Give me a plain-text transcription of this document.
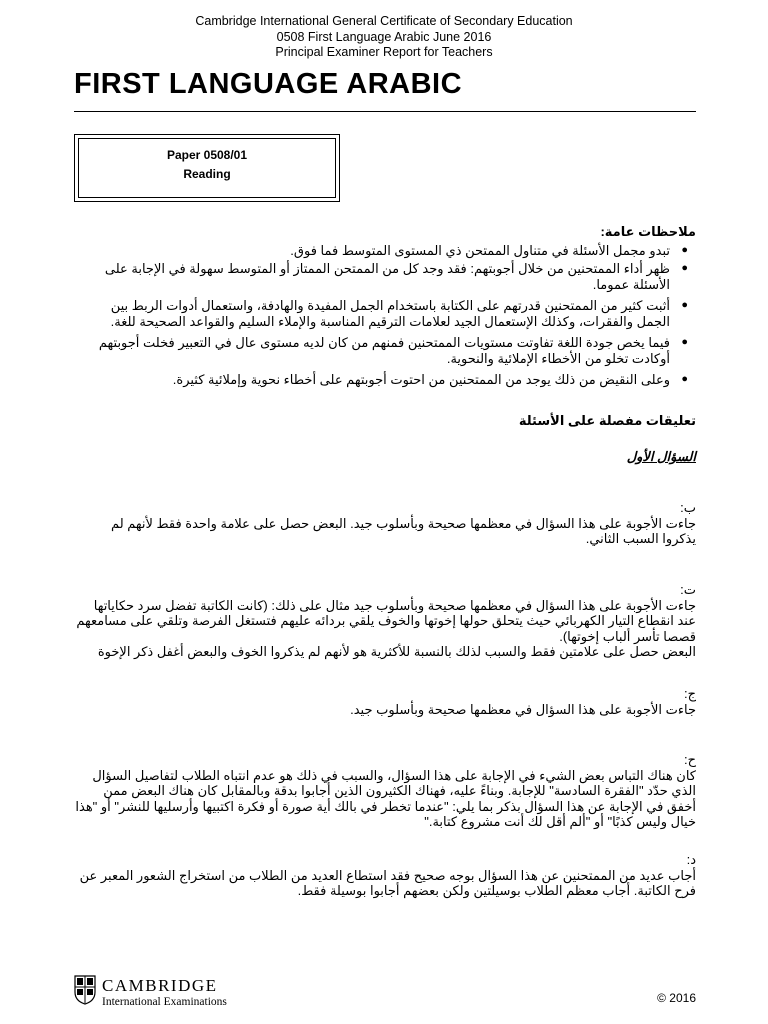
Cambridge International General Certificate of Secondary Education
0508 First Language Arabic June 2016
Principal Examiner Report for Teachers
FIRST LANGUAGE ARABIC
Paper 0508/01
Reading
ملاحظات عامة:
●
تبدو مجمل الأسئلة في متناول الممتحن ذي المستوى المتوسط فما فوق.
●
ظهر أداء الممتحنين من خلال أجوبتهم: فقد وجد كل من الممتحن الممتاز أو المتوسط سهولة في الإجابة على الأسئلة عموما.
●
أثبت كثير من الممتحنين قدرتهم على الكتابة باستخدام الجمل المفيدة والهادفة، واستعمال أدوات الربط بين الجمل والفقرات، وكذلك الإستعمال الجيد لعلامات الترقيم المناسبة والإملاء السليم والقواعد الصحيحة للغة.
●
فيما يخص جودة اللغة تفاوتت مستويات الممتحنين فمنهم من كان لديه مستوى عال في التعبير فخلت أجوبتهم أوكادت تخلو من الأخطاء الإملائية والنحوية.
●
وعلى النقيض من ذلك يوجد من الممتحنين من احتوت أجوبتهم على أخطاء نحوية وإملائية كثيرة.
تعليقات مفصلة على الأسئلة
السؤال الأول
ب:
جاءت الأجوبة على هذا السؤال في معظمها صحيحة وبأسلوب جيد. البعض حصل على علامة واحدة فقط لأنهم لم يذكروا السبب الثاني.
ت:
جاءت الأجوبة على هذا السؤال في معظمها صحيحة وبأسلوب جيد مثال على ذلك: (كانت الكاتبة تفضل سرد حكاياتها عند انقطاع التيار الكهربائي حيث يتحلق حولها إخوتها والخوف يلقي بردائه عليهم فتستغل الفرصة وتلقي على مسامعهم قصصا تأسر ألباب إخوتها).
البعض حصل على علامتين فقط والسبب لذلك بالنسبة للأكثرية هو لأنهم لم يذكروا الخوف والبعض أغفل ذكر الإخوة
ج:
جاءت الأجوبة على هذا السؤال في معظمها صحيحة وبأسلوب جيد.
ح:
كان هناك التباس بعض الشيء في الإجابة على هذا السؤال، والسبب في ذلك هو عدم انتباه الطلاب لتفاصيل السؤال الذي حدّد "الفقرة السادسة" للإجابة. وبناءً عليه، فهناك الكثيرون الذين أجابوا بدقة وبالمقابل كان هناك البعض ممن أخفق في الإجابة عن هذا السؤال بذكر بما يلي: "عندما تخطر في بالك أية صورة أو فكرة اكتبيها وأرسليها للنشر" أو "هذا خيال وليس كذبًا" أو "ألم أقل لك أنت مشروع كتابة."
د:
أجاب عديد من الممتحنين عن هذا السؤال بوجه صحيح فقد استطاع العديد من الطلاب من استخراج الشعور المعبر عن فرح الكاتبة. أجاب معظم الطلاب بوسيلتين ولكن بعضهم أجابوا بوسيلة فقط.
CAMBRIDGE
International Examinations	© 2016
